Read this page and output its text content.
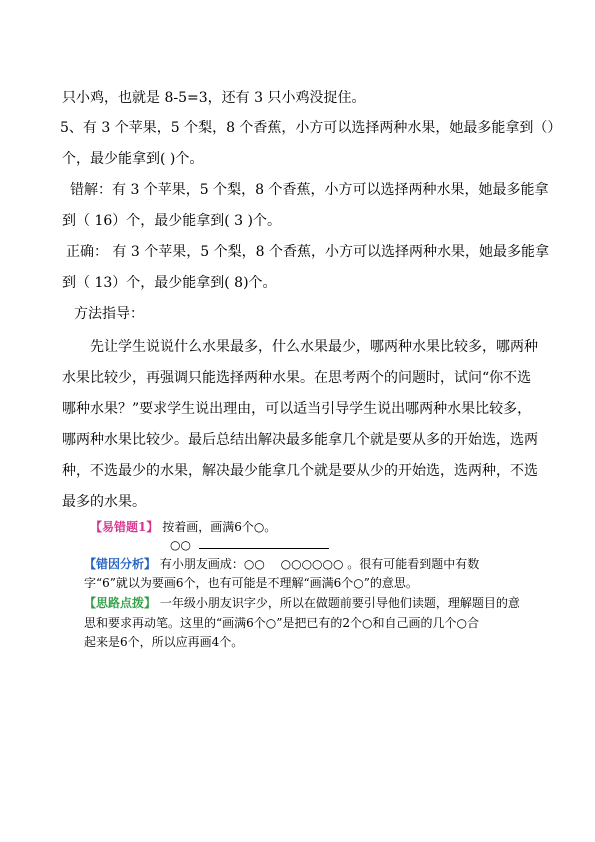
只小鸡，也就是 8-5=3，还有 3 只小鸡没捉住。
5、有 3 个苹果，5 个梨，8 个香蕉，小方可以选择两种水果，她最多能拿到（）
个，最少能拿到( )个。
错解：有 3 个苹果，5 个梨，8 个香蕉，小方可以选择两种水果，她最多能拿
到（ 16）个，最少能拿到( 3 )个。
正确： 有 3 个苹果，5 个梨，8 个香蕉，小方可以选择两种水果，她最多能拿
到（ 13）个，最少能拿到( 8)个。
方法指导：
先让学生说说什么水果最多，什么水果最少，哪两种水果比较多，哪两种
水果比较少，再强调只能选择两种水果。在思考两个的问题时，试问“你不选
哪种水果？”要求学生说出理由，可以适当引导学生说出哪两种水果比较多，
哪两种水果比较少。最后总结出解决最多能拿几个就是要从多的开始选，选两
种，不选最少的水果，解决最少能拿几个就是要从少的开始选，选两种，不选
最多的水果。
【易错题1】 按着画，画满6个○。
○○
【错因分析】 有小朋友画成：○○ ○○○○○○ 。很有可能看到题中有数
字“6”就以为要画6个，也有可能是不理解“画满6个○”的意思。
【思路点拨】 一年级小朋友识字少，所以在做题前要引导他们读题，理解题目的意
思和要求再动笔。这里的“画满6个○”是把已有的2个○和自己画的几个○合
起来是6个，所以应再画4个。
